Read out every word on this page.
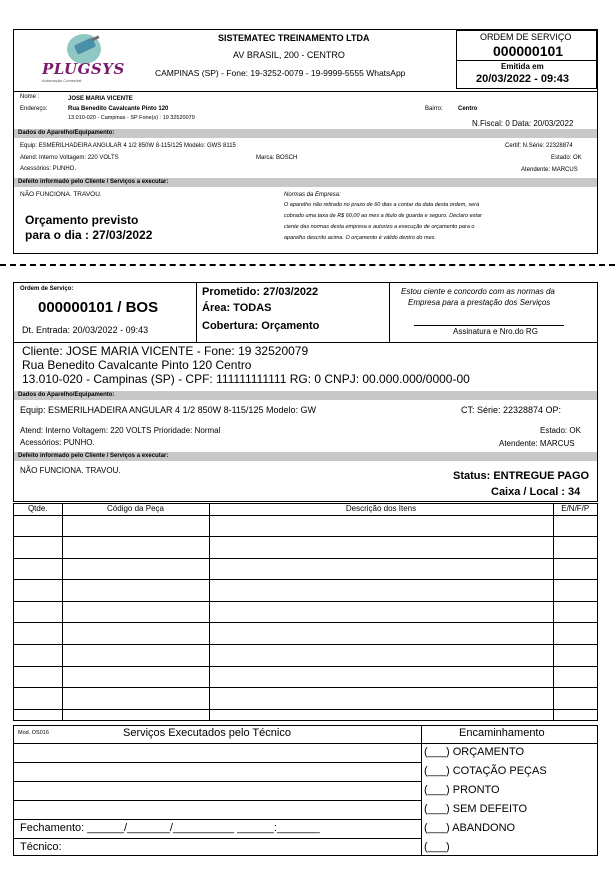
PLUGSYS
Automação Comercial
SISTEMATEC TREINAMENTO LTDA
AV BRASIL, 200 - CENTRO
CAMPINAS (SP) - Fone: 19-3252-0079 - 19-9999-5555 WhatsApp
ORDEM DE SERVIÇO
000000101
Emitida em
20/03/2022 - 09:43
Nome :	JOSE MARIA VICENTE
Endereço:	Rua Benedito Cavalcante Pinto 120
13.010-020 - Campinas - SP Fone(s) : 19 32520079
Bairro:	Centro
N.Fiscal: 0 Data: 20/03/2022
Dados do Aparelho/Equipamento:
Equip: ESMERILHADEIRA ANGULAR 4 1/2 850W 8-115/125 Modelo: GWS 8115	Certif: N.Série: 22328874
Atend: Interno Voltagem: 220 VOLTS	Marca: BOSCH	Estado: OK
Acessórios: PUNHO.	Atendente: MARCUS
Defeito informado pelo Cliente / Serviços a executar:
NÃO FUNCIONA. TRAVOU.
Orçamento previsto
para o dia : 27/03/2022
Normas da Empresa:
O aparelho não retirado no prazo de 60 dias a contar da data desta ordem, será
cobrado uma taxa de R$ 60,00 ao mes a titulo de guarda e seguro. Declaro estar
ciente das normas desta empresa e autorizo a execução de orçamento para o
aparelho descrito acima. O orçamento é válido dentro do mes.
Ordem de Serviço:
000000101 / BOS
Dt. Entrada: 20/03/2022 - 09:43
Prometido: 27/03/2022
Área: TODAS
Cobertura: Orçamento
Estou ciente e concordo com as normas da
Empresa para a prestação dos Serviços
Assinatura e Nro.do RG
Cliente: JOSE MARIA VICENTE - Fone: 19 32520079
Rua Benedito Cavalcante Pinto 120 Centro
13.010-020 - Campinas (SP) - CPF: 111111111111 RG: 0 CNPJ: 00.000.000/0000-00
Dados do Aparelho/Equipamento:
Equip: ESMERILHADEIRA ANGULAR 4 1/2 850W 8-115/125 Modelo: GW	CT: Série: 22328874 OP:
Atend: Interno Voltagem: 220 VOLTS Prioridade: Normal	Estado: OK
Acessórios: PUNHO.	Atendente: MARCUS
Defeito informado pelo Cliente / Serviços a executar:
NÃO FUNCIONA. TRAVOU.	Status: ENTREGUE PAGO
Caixa / Local : 34
Qtde.	Código da Peça	Descrição dos Itens	E/N/F/P

Mod. OS016	Serviços Executados pelo Técnico	Encaminhamento
(___) ORÇAMENTO
(___) COTAÇÃO PEÇAS
(___) PRONTO
(___) SEM DEFEITO
(___) ABANDONO
(___)
Fechamento: ______/_______/__________ ______:_______
Técnico:
